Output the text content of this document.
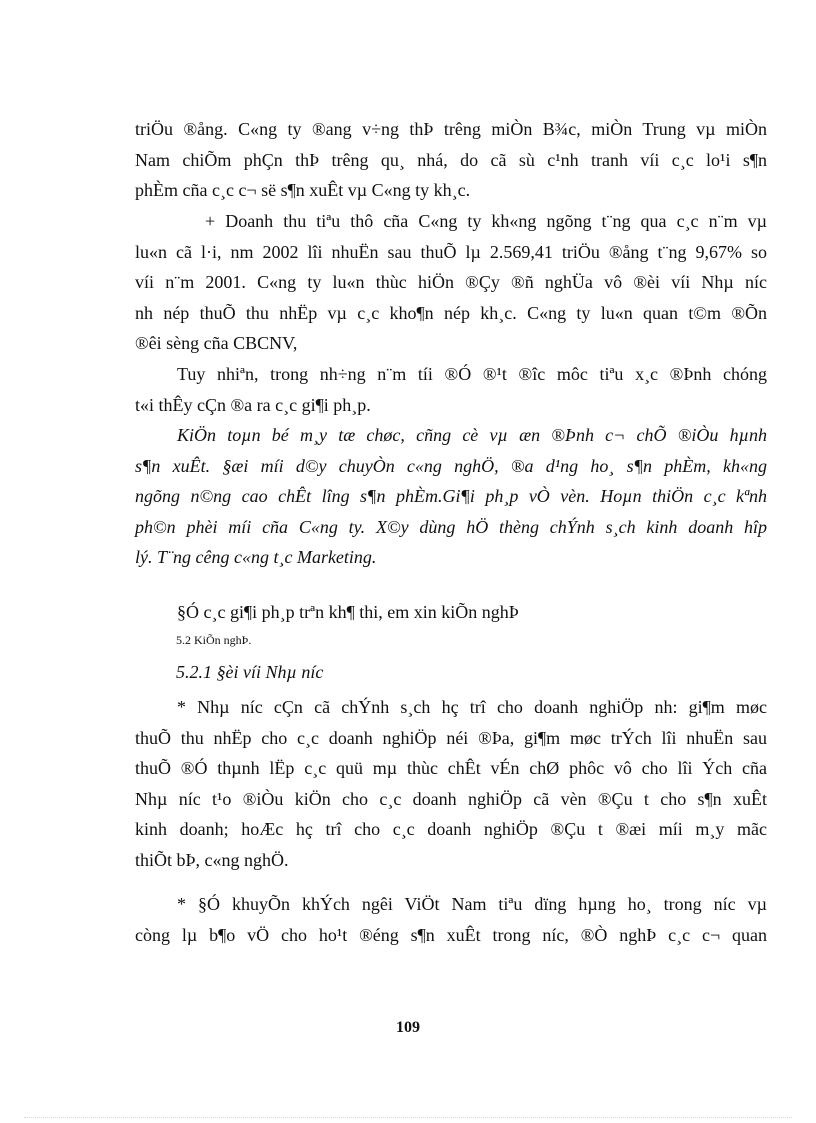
triÖu ®ång. C«ng ty ®ang v÷ng thÞ trêng miÒn B¾c, miÒn Trung vµ miÒn
Nam chiÕm phÇn thÞ trêng qu¸ nhá, do cã sù c¹nh tranh víi c¸c lo¹i s¶n
phÈm cña c¸c c¬ së s¶n xuÊt vµ C«ng ty kh¸c.

+ Doanh thu tiªu thô cña C«ng ty kh«ng ngõng t¨ng qua c¸c n¨m vµ
lu«n cã l·i, nm 2002 lîi nhuËn sau thuÕ lµ 2.569,41 triÖu ®ång t¨ng 9,67% so
víi n¨m 2001. C«ng ty lu«n thùc hiÖn ®Çy ®ñ nghÜa vô ®èi víi Nhµ níc
nh nép thuÕ thu nhËp vµ c¸c kho¶n nép kh¸c. C«ng ty lu«n quan t©m ®Õn
®êi sèng cña CBCNV,

Tuy nhiªn, trong nh÷ng n¨m tíi ®Ó ®¹t ®îc môc tiªu x¸c ®Þnh chóng
t«i thÊy cÇn ®a ra c¸c gi¶i ph¸p.

KiÖn toµn bé m¸y tæ chøc, cñng cè vµ æn ®Þnh c¬ chÕ ®iÒu hµnh
s¶n xuÊt. §æi míi d©y chuyÒn c«ng nghÖ, ®a d¹ng ho¸ s¶n phÈm, kh«ng
ngõng n©ng cao chÊt lîng s¶n phÈm.Gi¶i ph¸p vÒ vèn. Hoµn thiÖn c¸c kªnh
ph©n phèi míi cña C«ng ty. X©y dùng hÖ thèng chÝnh s¸ch kinh doanh hîp
lý. T¨ng cêng c«ng t¸c Marketing.

§Ó c¸c gi¶i ph¸p trªn kh¶ thi, em xin kiÕn nghÞ

5.2 KiÕn nghÞ.

5.2.1 §èi víi Nhµ níc

* Nhµ níc cÇn cã chÝnh s¸ch hç trî cho doanh nghiÖp nh: gi¶m møc
thuÕ thu nhËp cho c¸c doanh nghiÖp néi ®Þa, gi¶m møc trÝch lîi nhuËn sau
thuÕ ®Ó thµnh lËp c¸c quü mµ thùc chÊt vÉn chØ phôc vô cho lîi Ých cña
Nhµ níc t¹o ®iÒu kiÖn cho c¸c doanh nghiÖp cã vèn ®Çu t cho s¶n xuÊt
kinh doanh; hoÆc hç trî cho c¸c doanh nghiÖp ®Çu t ®æi míi m¸y mãc
thiÕt bÞ, c«ng nghÖ.

* §Ó khuyÕn khÝch ngêi ViÖt Nam tiªu dïng hµng ho¸ trong níc vµ
còng lµ b¶o vÖ cho ho¹t ®éng s¶n xuÊt trong níc, ®Ò nghÞ c¸c c¬ quan

109
